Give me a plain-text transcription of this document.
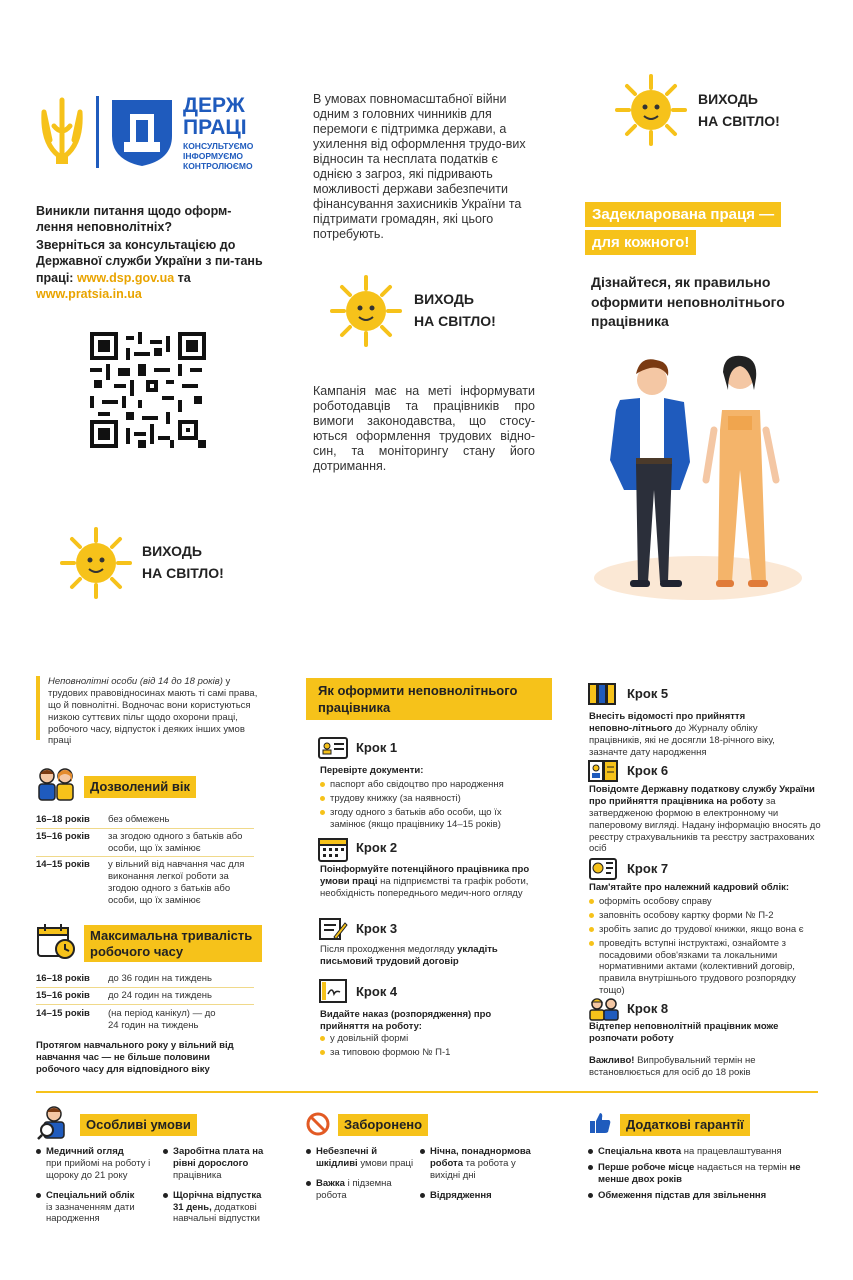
ДЕРЖ
ПРАЦІ
КОНСУЛЬТУЄМО
ІНФОРМУЄМО
КОНТРОЛЮЄМО
Виникли питання щодо оформ-лення неповнолітніх?
Зверніться за консультацією до Державної служби України з пи-тань праці: www.dsp.gov.ua та www.pratsia.in.ua
ВИХОДЬ
НА СВІТЛО!
В умовах повномасштабної війни одним з головних чинників для перемоги є підтримка держави, а ухилення від оформлення трудо-вих відносин та несплата податків є однією з загроз, які підривають можливості держави забезпечити фінансування захисників України та підтримати громадян, які цього потребують.
ВИХОДЬ
НА СВІТЛО!
Кампанія має на меті інформувати роботодавців та працівників про вимоги законодавства, що стосу-ються оформлення трудових відно-син, та моніторингу стану його дотримання.
ВИХОДЬ
НА СВІТЛО!
Задекларована праця —
для кожного!
Дізнайтеся, як правильно оформити неповнолітнього працівника
Неповнолітні особи (від 14 до 18 років) у трудових правовідносинах мають ті самі права, що й повнолітні. Водночас вони користуються низкою суттєвих пільг щодо охорони праці, робочого часу, відпусток і деяких інших умов праці
Дозволений вік
16–18 років без обмежень
15–16 років за згодою одного з батьків або особи, що їх замінює
14–15 років у вільний від навчання час для виконання легкої роботи за згодою одного з батьків або особи, що їх замінює
Максимальна тривалість робочого часу
16–18 років до 36 годин на тиждень
15–16 років до 24 годин на тиждень
14–15 років (на період канікул) — до 24 годин на тиждень
Протягом навчального року у вільний від навчання час — не більше половини робочого часу для відповідного віку
Як оформити неповнолітнього працівника
Крок 1
Перевірте документи:
паспорт або свідоцтво про народження
трудову книжку (за наявності)
згоду одного з батьків або особи, що їх замінює (якщо працівнику 14–15 років)
Крок 2
Поінформуйте потенційного працівника про умови праці на підприємстві та графік роботи, необхідність попереднього медич-ного огляду
Крок 3
Після проходження медогляду укладіть письмовий трудовий договір
Крок 4
Видайте наказ (розпорядження) про прийняття на роботу:
у довільній формі
за типовою формою № П-1
Крок 5
Внесіть відомості про прийняття неповно-літнього до Журналу обліку працівників, які не досягли 18-річного віку, зазначте дату народження
Крок 6
Повідомте Державну податкову службу України про прийняття працівника на роботу за затвердженою формою в електронному чи паперовому вигляді. Надану інформацію вносять до реєстру страхувальників та реєстру застрахованих осіб
Крок 7
Пам'ятайте про належний кадровий облік:
оформіть особову справу
заповніть особову картку форми № П-2
зробіть запис до трудової книжки, якщо вона є
проведіть вступні інструктажі, ознайомте з посадовими обов'язками та локальними нормативними актами (колективний договір, правила внутрішнього трудового розпорядку тощо)
Крок 8
Відтепер неповнолітній працівник може розпочати роботу
Важливо! Випробувальний термін не встановлюється для осіб до 18 років
Особливі умови
Медичний огляд
при прийомі на роботу і щороку до 21 року
Спеціальний облік
із зазначенням дати народження
Заробітна плата на рівні дорослого працівника
Щорічна відпустка 31 день, додаткові навчальні відпустки
Заборонено
Небезпечні й шкідливі умови праці
Важка і підземна робота
Нічна, понаднормова робота та робота у вихідні дні
Відрядження
Додаткові гарантії
Спеціальна квота на працевлаштування
Перше робоче місце надається на термін не менше двох років
Обмеження підстав для звільнення
